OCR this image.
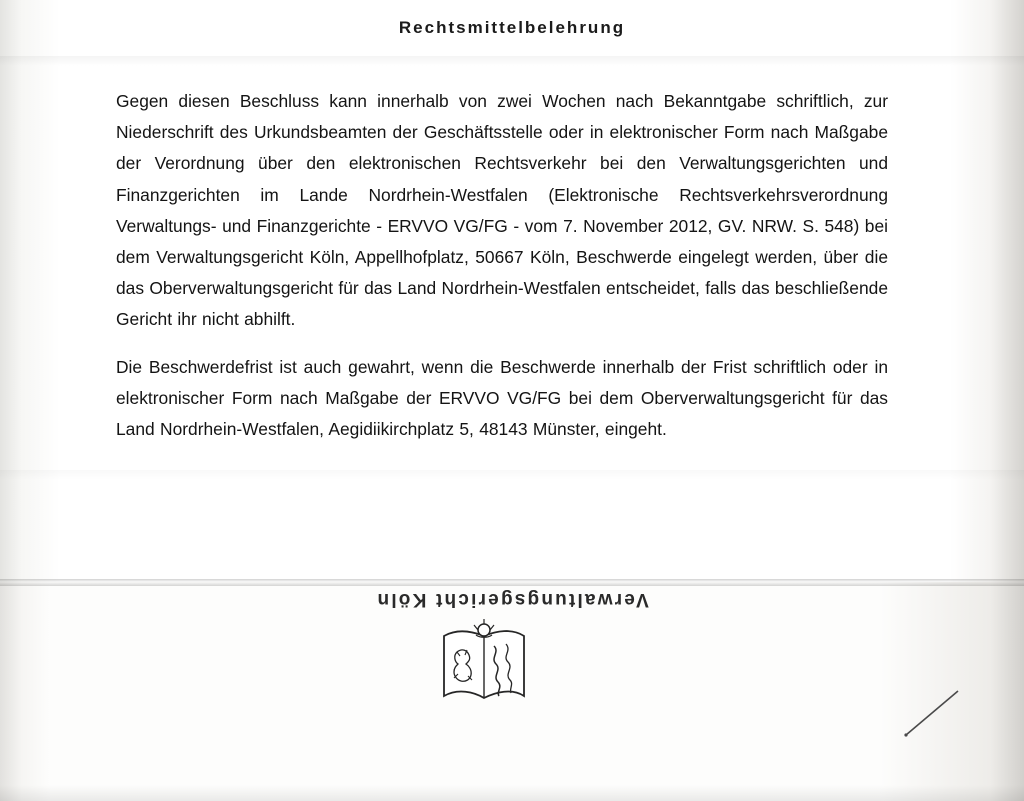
Rechtsmittelbelehrung

Gegen diesen Beschluss kann innerhalb von zwei Wochen nach Bekanntgabe schriftlich, zur Niederschrift des Urkundsbeamten der Geschäftsstelle oder in elektronischer Form nach Maßgabe der Verordnung über den elektronischen Rechtsverkehr bei den Verwaltungsgerichten und Finanzgerichten im Lande Nordrhein-Westfalen (Elektronische Rechtsverkehrsverordnung Verwaltungs- und Finanzgerichte - ERVVO VG/FG - vom 7. November 2012, GV. NRW. S. 548) bei dem Verwaltungsgericht Köln, Appellhofplatz, 50667 Köln, Beschwerde eingelegt werden, über die das Oberverwaltungsgericht für das Land Nordrhein-Westfalen entscheidet, falls das beschließende Gericht ihr nicht abhilft.

Die Beschwerdefrist ist auch gewahrt, wenn die Beschwerde innerhalb der Frist schriftlich oder in elektronischer Form nach Maßgabe der ERVVO VG/FG bei dem Oberverwaltungsgericht für das Land Nordrhein-Westfalen, Aegidiikirchplatz 5, 48143 Münster, eingeht.

Verwaltungsgericht Köln
